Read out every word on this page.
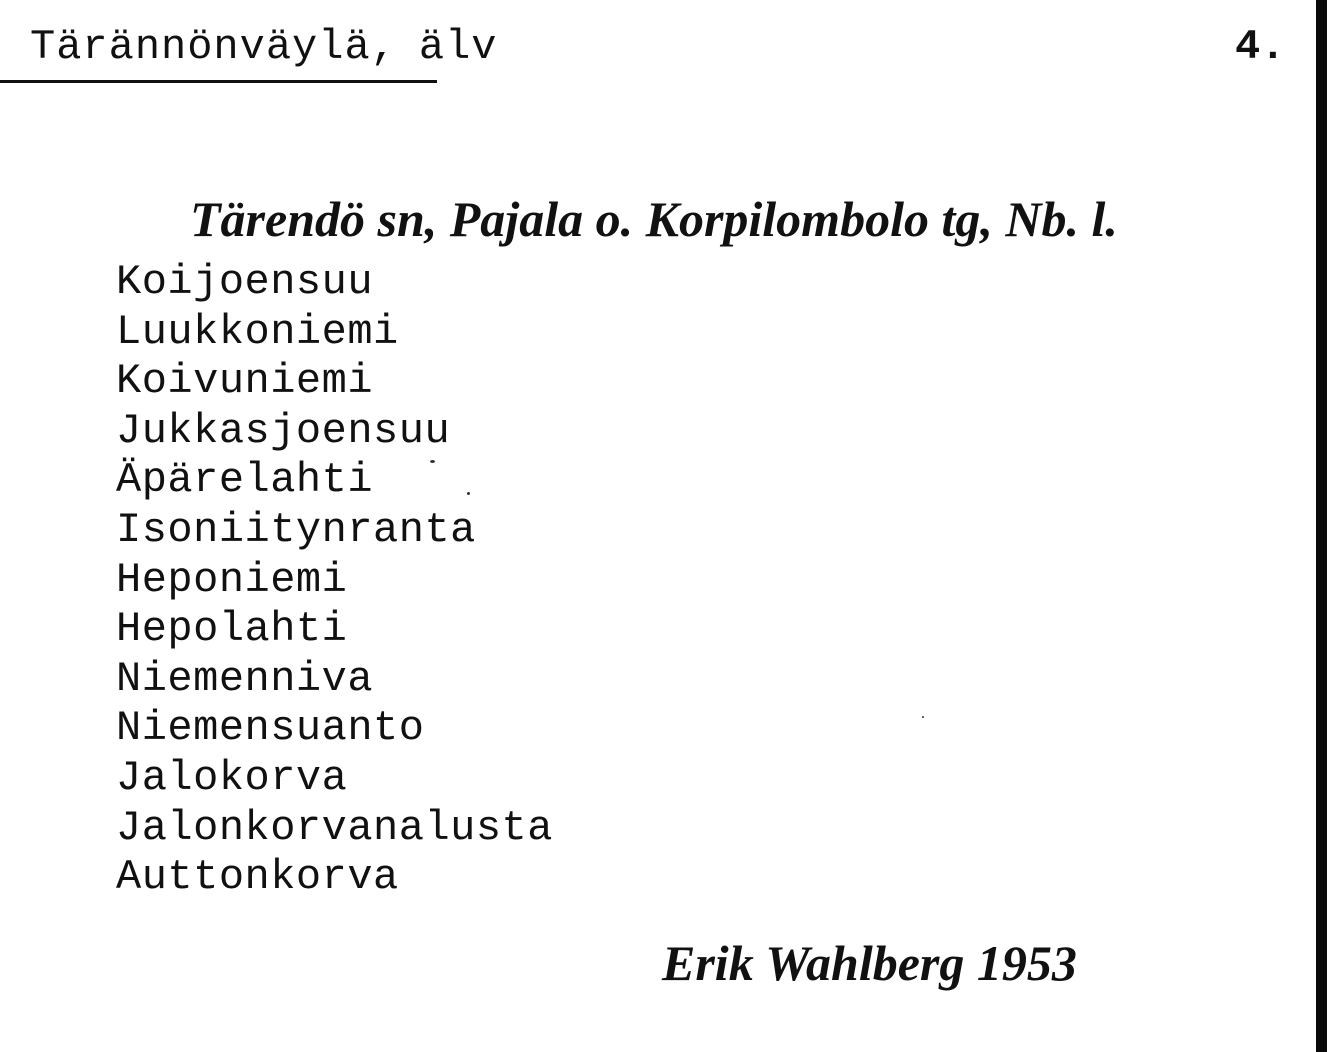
Tärännönväylä, älv	4.
Tärendö sn, Pajala o. Korpilombolo tg, Nb. l.
Koijoensuu
Luukkoniemi
Koivuniemi
Jukkasjoensuu
Äpärelahti
Isoniitynranta
Heponiemi
Hepolahti
Niemenniva
Niemensuanto
Jalokorva
Jalonkorvanalusta
Auttonkorva
Erik Wahlberg 1953
